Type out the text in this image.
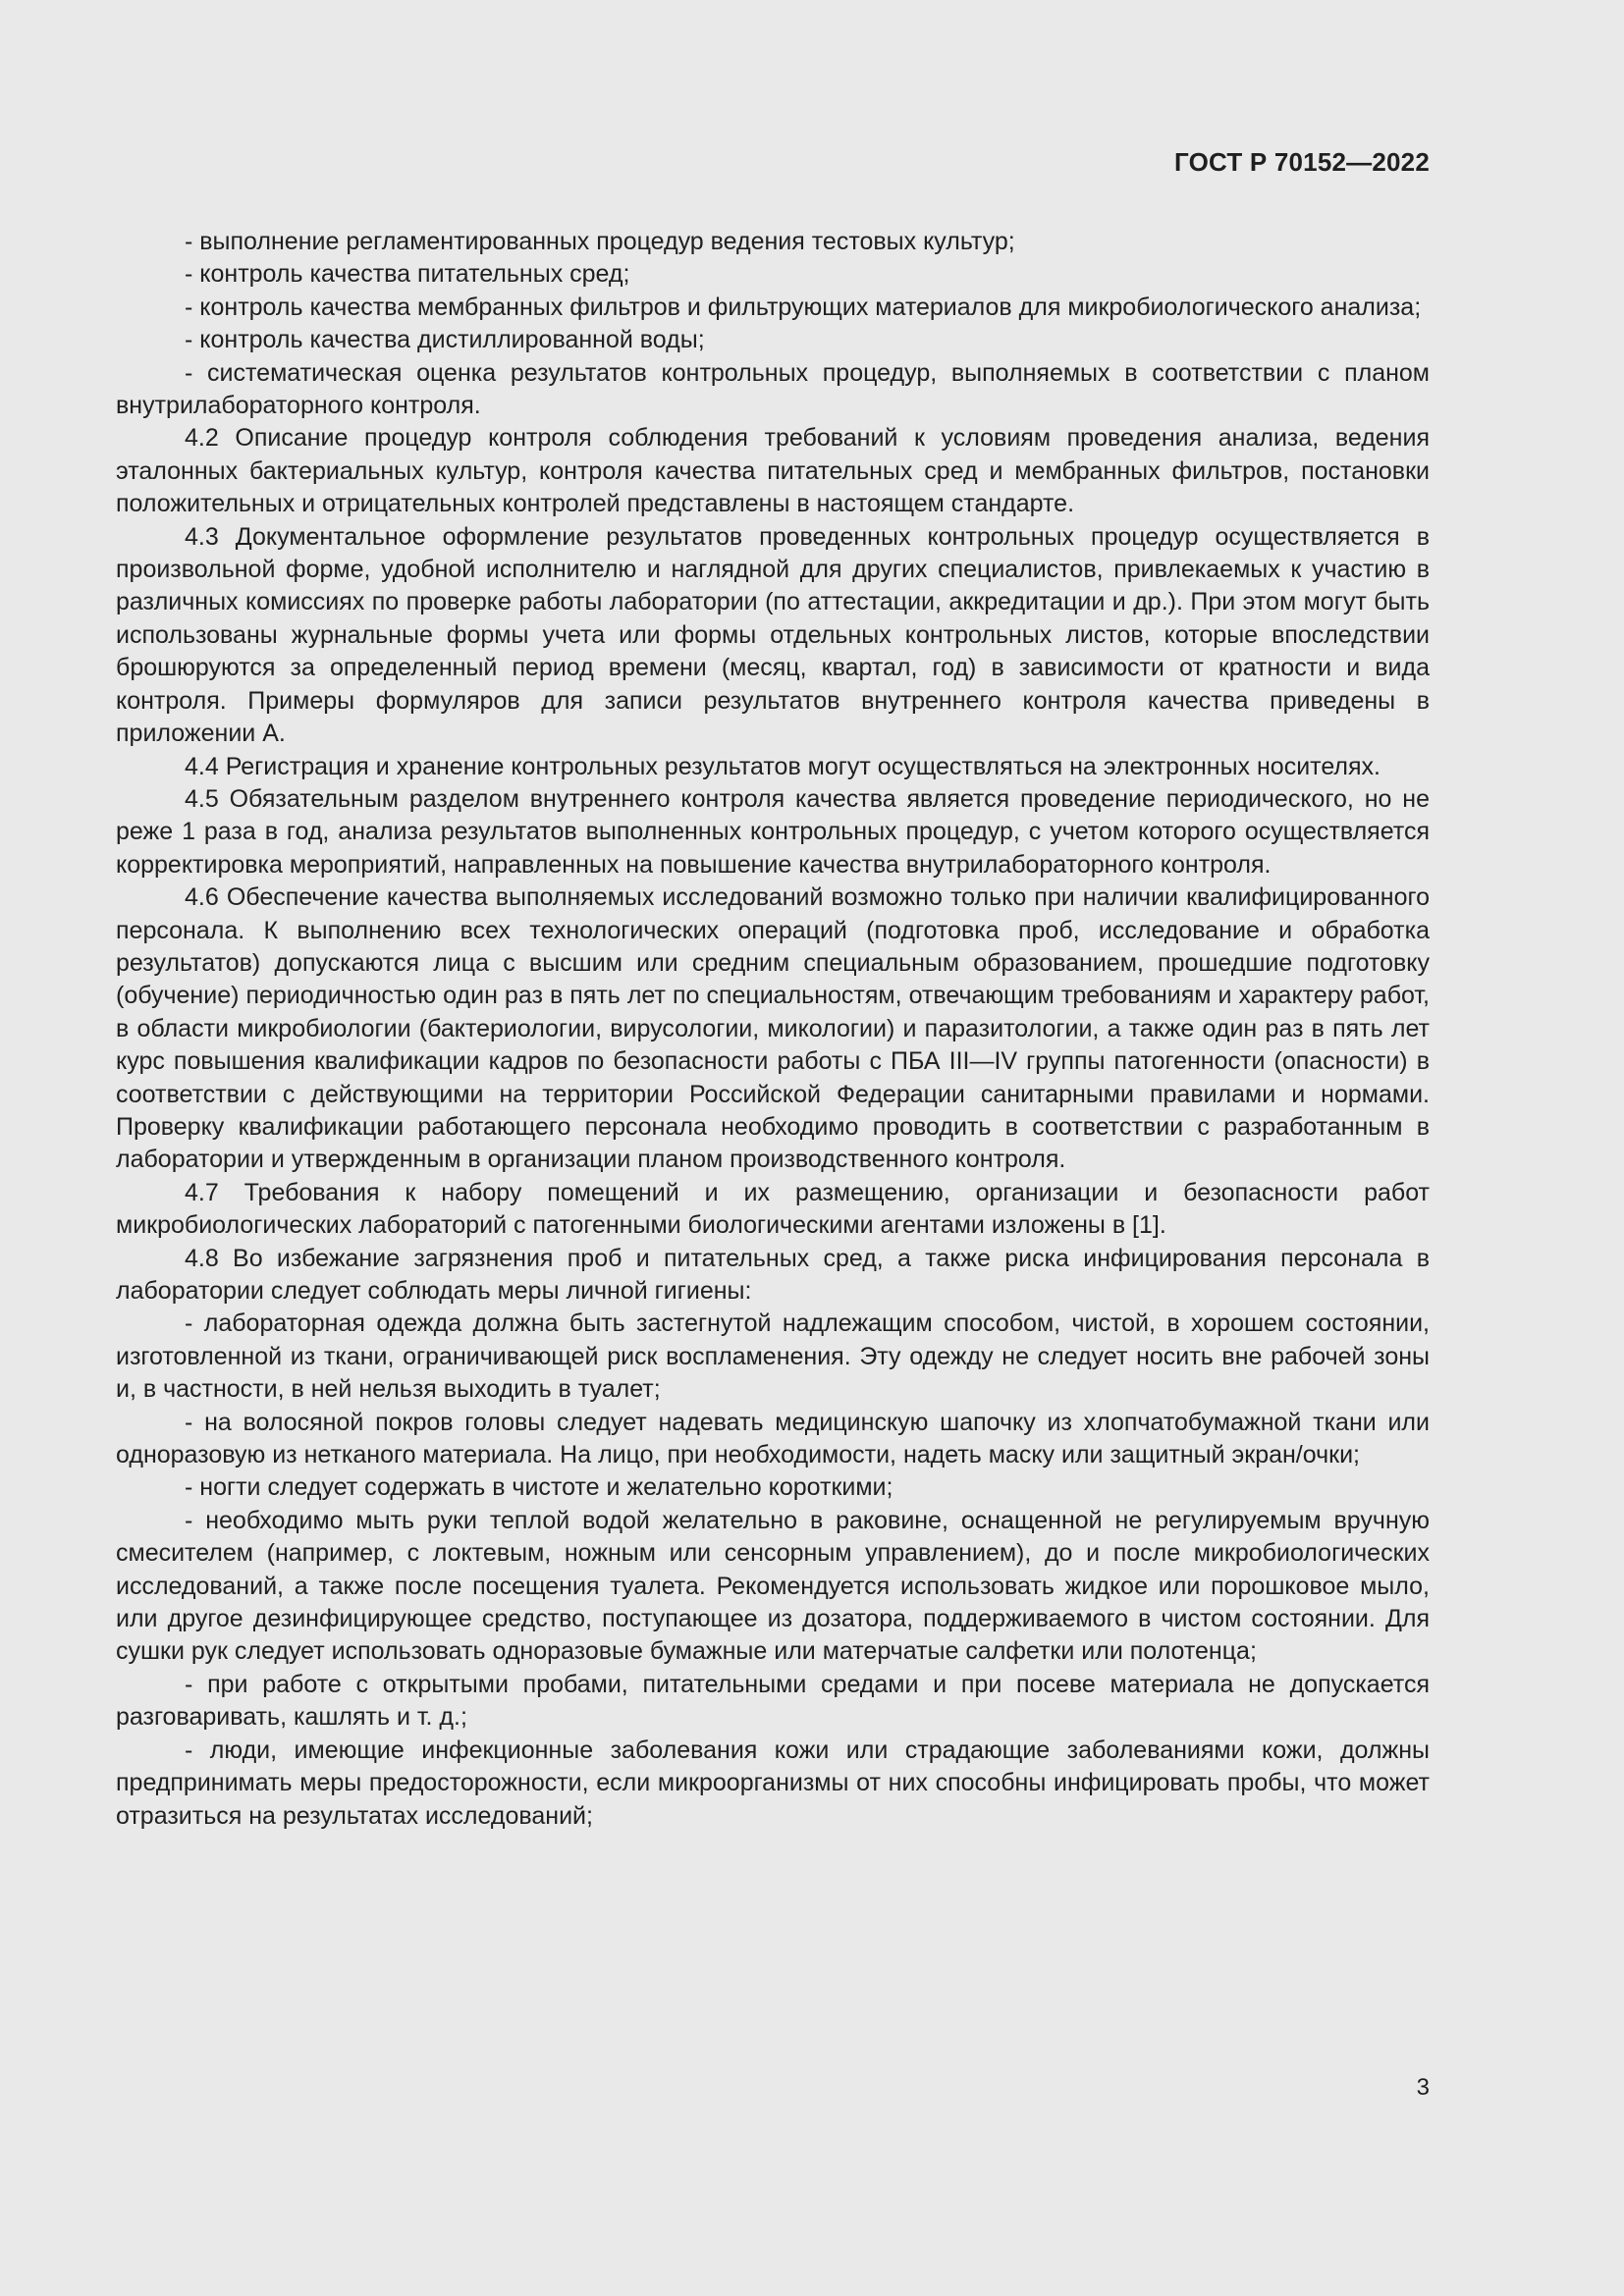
ГОСТ Р 70152—2022

- выполнение регламентированных процедур ведения тестовых культур;

- контроль качества питательных сред;

- контроль качества мембранных фильтров и фильтрующих материалов для микробиологического анализа;

- контроль качества дистиллированной воды;

- систематическая оценка результатов контрольных процедур, выполняемых в соответствии с планом внутрилабораторного контроля.

4.2 Описание процедур контроля соблюдения требований к условиям проведения анализа, ведения эталонных бактериальных культур, контроля качества питательных сред и мембранных фильтров, постановки положительных и отрицательных контролей представлены в настоящем стандарте.

4.3 Документальное оформление результатов проведенных контрольных процедур осуществляется в произвольной форме, удобной исполнителю и наглядной для других специалистов, привлекаемых к участию в различных комиссиях по проверке работы лаборатории (по аттестации, аккредитации и др.). При этом могут быть использованы журнальные формы учета или формы отдельных контрольных листов, которые впоследствии брошюруются за определенный период времени (месяц, квартал, год) в зависимости от кратности и вида контроля. Примеры формуляров для записи результатов внутреннего контроля качества приведены в приложении А.

4.4 Регистрация и хранение контрольных результатов могут осуществляться на электронных носителях.

4.5 Обязательным разделом внутреннего контроля качества является проведение периодического, но не реже 1 раза в год, анализа результатов выполненных контрольных процедур, с учетом которого осуществляется корректировка мероприятий, направленных на повышение качества внутрилабораторного контроля.

4.6 Обеспечение качества выполняемых исследований возможно только при наличии квалифицированного персонала. К выполнению всех технологических операций (подготовка проб, исследование и обработка результатов) допускаются лица с высшим или средним специальным образованием, прошедшие подготовку (обучение) периодичностью один раз в пять лет по специальностям, отвечающим требованиям и характеру работ, в области микробиологии (бактериологии, вирусологии, микологии) и паразитологии, а также один раз в пять лет курс повышения квалификации кадров по безопасности работы с ПБА III—IV группы патогенности (опасности) в соответствии с действующими на территории Российской Федерации санитарными правилами и нормами. Проверку квалификации работающего персонала необходимо проводить в соответствии с разработанным в лаборатории и утвержденным в организации планом производственного контроля.

4.7 Требования к набору помещений и их размещению, организации и безопасности работ микробиологических лабораторий с патогенными биологическими агентами изложены в [1].

4.8 Во избежание загрязнения проб и питательных сред, а также риска инфицирования персонала в лаборатории следует соблюдать меры личной гигиены:

- лабораторная одежда должна быть застегнутой надлежащим способом, чистой, в хорошем состоянии, изготовленной из ткани, ограничивающей риск воспламенения. Эту одежду не следует носить вне рабочей зоны и, в частности, в ней нельзя выходить в туалет;

- на волосяной покров головы следует надевать медицинскую шапочку из хлопчатобумажной ткани или одноразовую из нетканого материала. На лицо, при необходимости, надеть маску или защитный экран/очки;

- ногти следует содержать в чистоте и желательно короткими;

- необходимо мыть руки теплой водой желательно в раковине, оснащенной не регулируемым вручную смесителем (например, с локтевым, ножным или сенсорным управлением), до и после микробиологических исследований, а также после посещения туалета. Рекомендуется использовать жидкое или порошковое мыло, или другое дезинфицирующее средство, поступающее из дозатора, поддерживаемого в чистом состоянии. Для сушки рук следует использовать одноразовые бумажные или матерчатые салфетки или полотенца;

- при работе с открытыми пробами, питательными средами и при посеве материала не допускается разговаривать, кашлять и т. д.;

- люди, имеющие инфекционные заболевания кожи или страдающие заболеваниями кожи, должны предпринимать меры предосторожности, если микроорганизмы от них способны инфицировать пробы, что может отразиться на результатах исследований;

3
